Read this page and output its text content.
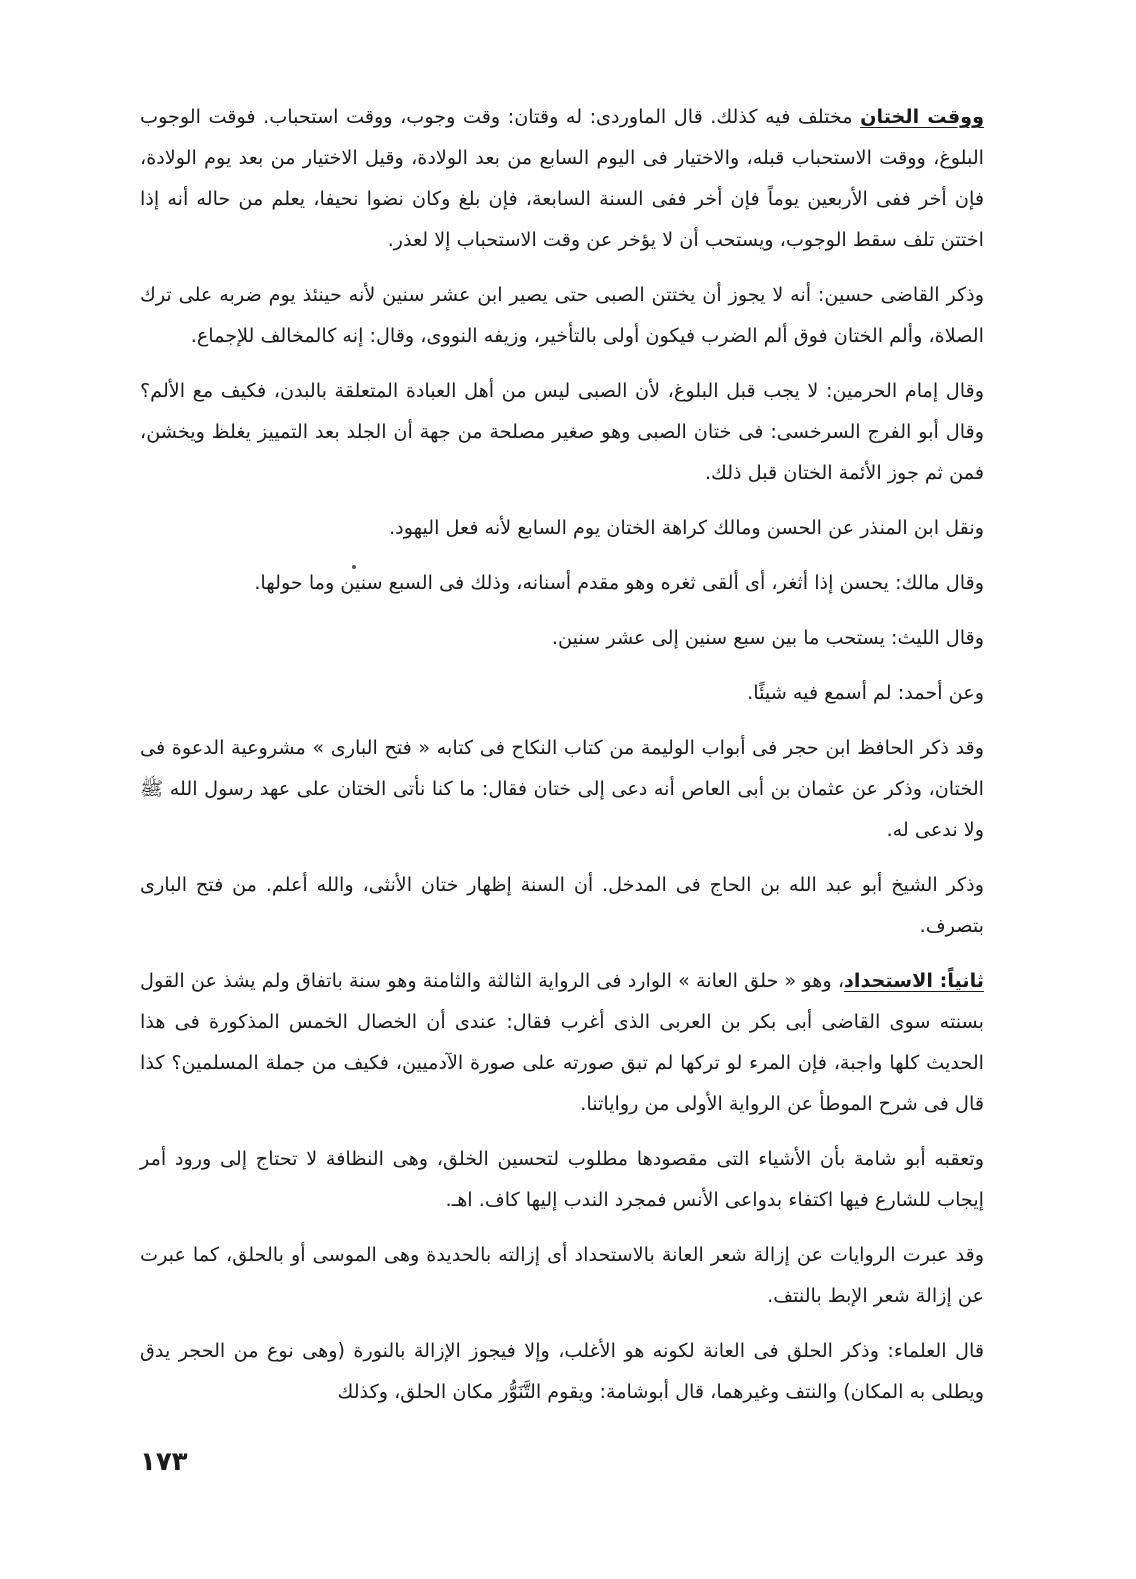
ووقت الختان مختلف فيه كذلك. قال الماوردى: له وقتان: وقت وجوب، ووقت استحباب. فوقت الوجوب البلوغ، ووقت الاستحباب قبله، والاختيار فى اليوم السابع من بعد الولادة، وقيل الاختيار من بعد يوم الولادة، فإن أخر ففى الأربعين يوماً فإن أخر ففى السنة السابعة، فإن بلغ وكان نضوا نحيفا، يعلم من حاله أنه إذا اختتن تلف سقط الوجوب، ويستحب أن لا يؤخر عن وقت الاستحباب إلا لعذر.

وذكر القاضى حسين: أنه لا يجوز أن يختتن الصبى حتى يصير ابن عشر سنين لأنه حينئذ يوم ضربه على ترك الصلاة، وألم الختان فوق ألم الضرب فيكون أولى بالتأخير، وزيفه النووى، وقال: إنه كالمخالف للإجماع.

وقال إمام الحرمين: لا يجب قبل البلوغ، لأن الصبى ليس من أهل العبادة المتعلقة بالبدن، فكيف مع الألم؟ وقال أبو الفرج السرخسى: فى ختان الصبى وهو صغير مصلحة من جهة أن الجلد بعد التمييز يغلظ ويخشن، فمن ثم جوز الأئمة الختان قبل ذلك.

ونقل ابن المنذر عن الحسن ومالك كراهة الختان يوم السابع لأنه فعل اليهود.

وقال مالك: يحسن إذا أثغر، أى ألقى ثغره وهو مقدم أسنانه، وذلك فى السبع سنين وما حولها.

وقال الليث: يستحب ما بين سبع سنين إلى عشر سنين.

وعن أحمد: لم أسمع فيه شيئًا.

وقد ذكر الحافظ ابن حجر فى أبواب الوليمة من كتاب النكاح فى كتابه « فتح البارى » مشروعية الدعوة فى الختان، وذكر عن عثمان بن أبى العاص أنه دعى إلى ختان فقال: ما كنا نأتى الختان على عهد رسول الله ﷺ ولا ندعى له.

وذكر الشيخ أبو عبد الله بن الحاج فى المدخل. أن السنة إظهار ختان الأنثى، والله أعلم. من فتح البارى بتصرف.

ثانياً: الاستحداد، وهو « حلق العانة » الوارد فى الرواية الثالثة والثامنة وهو سنة باتفاق ولم يشذ عن القول بسنته سوى القاضى أبى بكر بن العربى الذى أغرب فقال: عندى أن الخصال الخمس المذكورة فى هذا الحديث كلها واجبة، فإن المرء لو تركها لم تبق صورته على صورة الآدميين، فكيف من جملة المسلمين؟ كذا قال فى شرح الموطأ عن الرواية الأولى من رواياتنا.

وتعقبه أبو شامة بأن الأشياء التى مقصودها مطلوب لتحسين الخلق، وهى النظافة لا تحتاج إلى ورود أمر إيجاب للشارع فيها اكتفاء بدواعى الأنس فمجرد الندب إليها كاف. اهـ.

وقد عبرت الروايات عن إزالة شعر العانة بالاستحداد أى إزالته بالحديدة وهى الموسى أو بالحلق، كما عبرت عن إزالة شعر الإبط بالنتف.

قال العلماء: وذكر الحلق فى العانة لكونه هو الأغلب، وإلا فيجوز الإزالة بالنورة (وهى نوع من الحجر يدق ويطلى به المكان) والنتف وغيرهما، قال أبوشامة: ويقوم التَّنَوُّر مكان الحلق، وكذلك

١٧٣
